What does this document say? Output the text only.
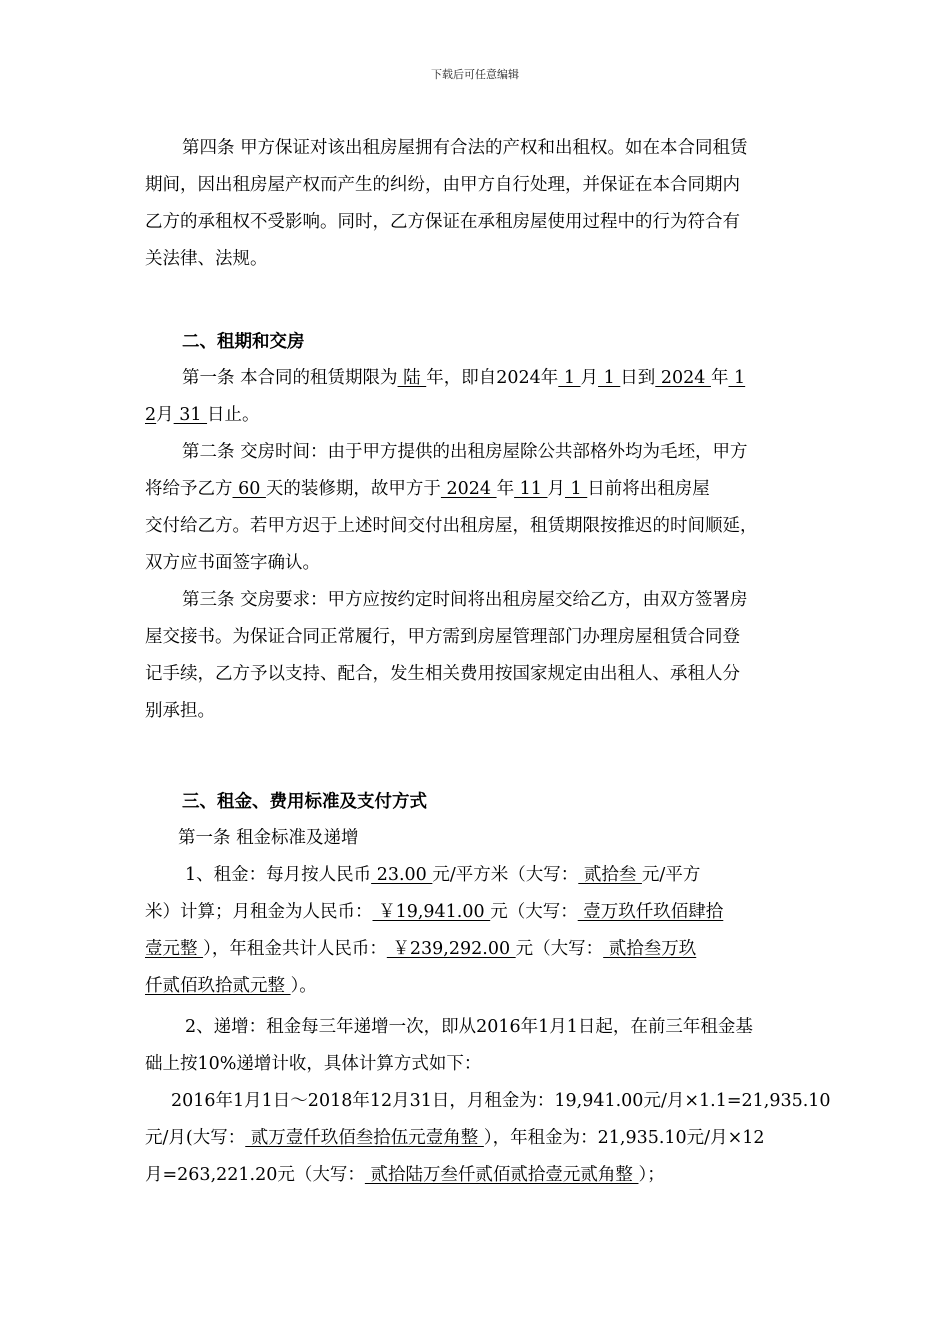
下载后可任意编辑
第四条 甲方保证对该出租房屋拥有合法的产权和出租权。如在本合同租赁
期间，因出租房屋产权而产生的纠纷，由甲方自行处理，并保证在本合同期内
乙方的承租权不受影响。同时，乙方保证在承租房屋使用过程中的行为符合有
关法律、法规。
二、租期和交房
第一条 本合同的租赁期限为 陆 年，即自2024年 1 月 1 日到 2024 年 1
2月 31 日止。
第二条 交房时间：由于甲方提供的出租房屋除公共部格外均为毛坯，甲方
将给予乙方 60 天的装修期，故甲方于 2024 年 11 月 1 日前将出租房屋
交付给乙方。若甲方迟于上述时间交付出租房屋，租赁期限按推迟的时间顺延，
双方应书面签字确认。
第三条 交房要求：甲方应按约定时间将出租房屋交给乙方，由双方签署房
屋交接书。为保证合同正常履行，甲方需到房屋管理部门办理房屋租赁合同登
记手续，乙方予以支持、配合，发生相关费用按国家规定由出租人、承租人分
别承担。
三、租金、费用标准及支付方式
第一条 租金标准及递增
1、租金：每月按人民币 23.00 元/平方米（大写： 贰拾叁 元/平方
米）计算；月租金为人民币： ￥19,941.00 元（大写： 壹万玖仟玖佰肆拾
壹元整 ），年租金共计人民币： ￥239,292.00 元（大写： 贰拾叁万玖
仟贰佰玖拾贰元整 ）。
2、递增：租金每三年递增一次，即从2016年1月1日起，在前三年租金基
础上按10%递增计收，具体计算方式如下：
2016年1月1日～2018年12月31日，月租金为：19,941.00元/月×1.1=21,935.10
元/月(大写： 贰万壹仟玖佰叁拾伍元壹角整 ），年租金为：21,935.10元/月×12
月=263,221.20元（大写： 贰拾陆万叁仟贰佰贰拾壹元贰角整 ）；
